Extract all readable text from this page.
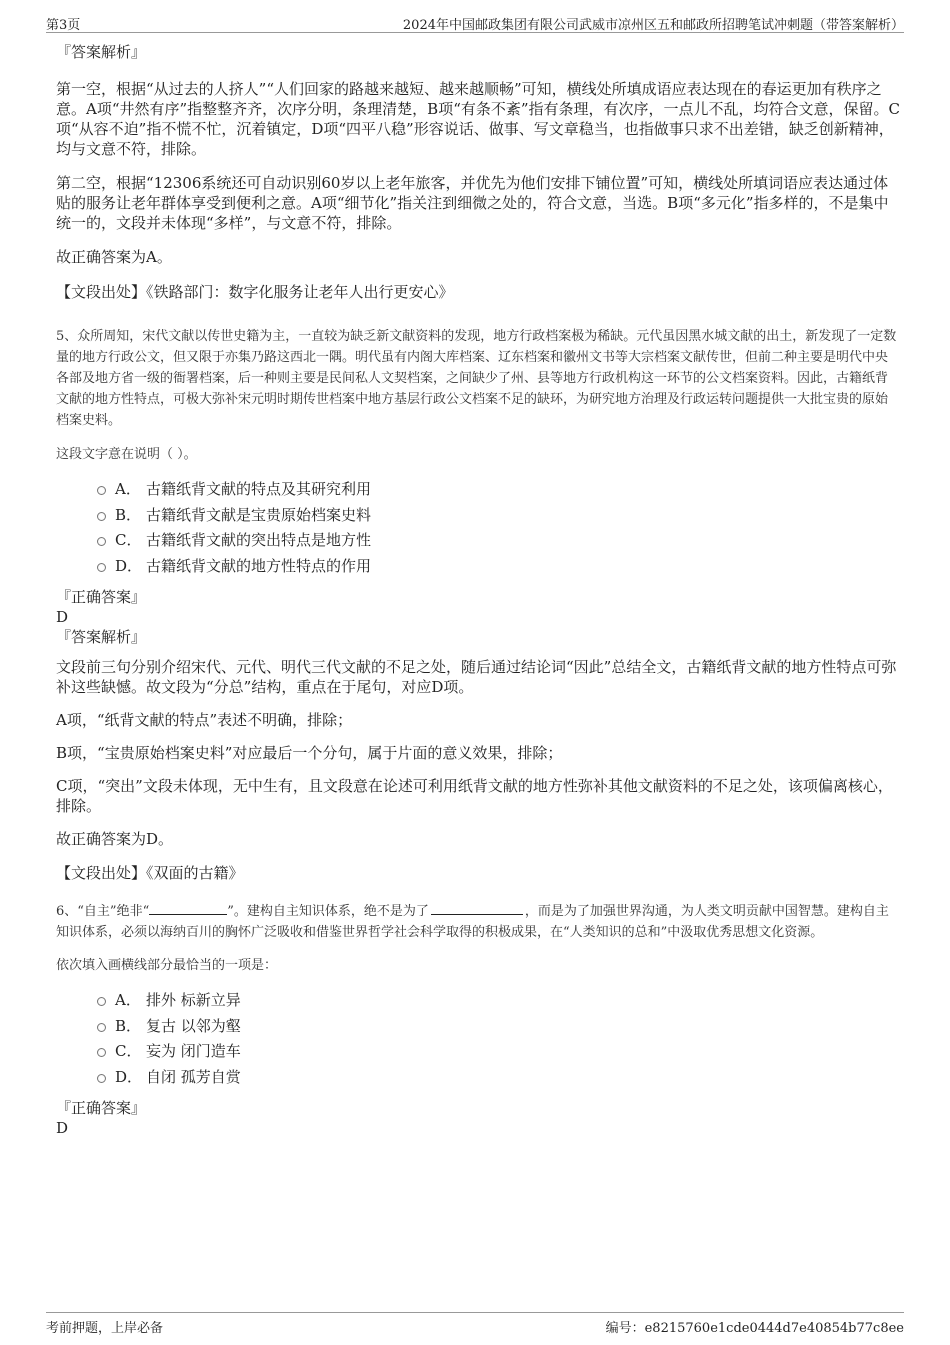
第3页	2024年中国邮政集团有限公司武威市凉州区五和邮政所招聘笔试冲刺题（带答案解析）
『答案解析』

第一空，根据“从过去的人挤人”“人们回家的路越来越短、越来越顺畅”可知，横线处所填成语应表达现在的春运更加有秩序之意。A项“井然有序”指整整齐齐，次序分明，条理清楚，B项“有条不紊”指有条理，有次序，一点儿不乱，均符合文意，保留。C项“从容不迫”指不慌不忙，沉着镇定，D项“四平八稳”形容说话、做事、写文章稳当，也指做事只求不出差错，缺乏创新精神，均与文意不符，排除。

第二空，根据“12306系统还可自动识别60岁以上老年旅客，并优先为他们安排下铺位置”可知，横线处所填词语应表达通过体贴的服务让老年群体享受到便利之意。A项“细节化”指关注到细微之处的，符合文意，当选。B项“多元化”指多样的，不是集中统一的，文段并未体现“多样”，与文意不符，排除。

故正确答案为A。

【文段出处】《铁路部门：数字化服务让老年人出行更安心》

5、众所周知，宋代文献以传世史籍为主，一直较为缺乏新文献资料的发现，地方行政档案极为稀缺。元代虽因黑水城文献的出土，新发现了一定数量的地方行政公文，但又限于亦集乃路这西北一隅。明代虽有内阁大库档案、辽东档案和徽州文书等大宗档案文献传世，但前二种主要是明代中央各部及地方省一级的衙署档案，后一种则主要是民间私人文契档案，之间缺少了州、县等地方行政机构这一环节的公文档案资料。因此，古籍纸背文献的地方性特点，可极大弥补宋元明时期传世档案中地方基层行政公文档案不足的缺环，为研究地方治理及行政运转问题提供一大批宝贵的原始档案史料。

这段文字意在说明（ ）。

A． 古籍纸背文献的特点及其研究利用
B． 古籍纸背文献是宝贵原始档案史料
C． 古籍纸背文献的突出特点是地方性
D． 古籍纸背文献的地方性特点的作用
『正确答案』
D
『答案解析』

文段前三句分别介绍宋代、元代、明代三代文献的不足之处，随后通过结论词“因此”总结全文，古籍纸背文献的地方性特点可弥补这些缺憾。故文段为“分总”结构，重点在于尾句，对应D项。

A项，“纸背文献的特点”表述不明确，排除；

B项，“宝贵原始档案史料”对应最后一个分句，属于片面的意义效果，排除；

C项，“突出”文段未体现，无中生有，且文段意在论述可利用纸背文献的地方性弥补其他文献资料的不足之处，该项偏离核心，排除。

故正确答案为D。

【文段出处】《双面的古籍》

6、“自主”绝非“	”。建构自主知识体系，绝不是为了	，而是为了加强世界沟通，为人类文明贡献中国智慧。建构自主知识体系，必须以海纳百川的胸怀广泛吸收和借鉴世界哲学社会科学取得的积极成果，在“人类知识的总和”中汲取优秀思想文化资源。

依次填入画横线部分最恰当的一项是：

A． 排外 标新立异
B． 复古 以邻为壑
C． 妄为 闭门造车
D． 自闭 孤芳自赏
『正确答案』
D
考前押题，上岸必备	编号：e8215760e1cde0444d7e40854b77c8ee
